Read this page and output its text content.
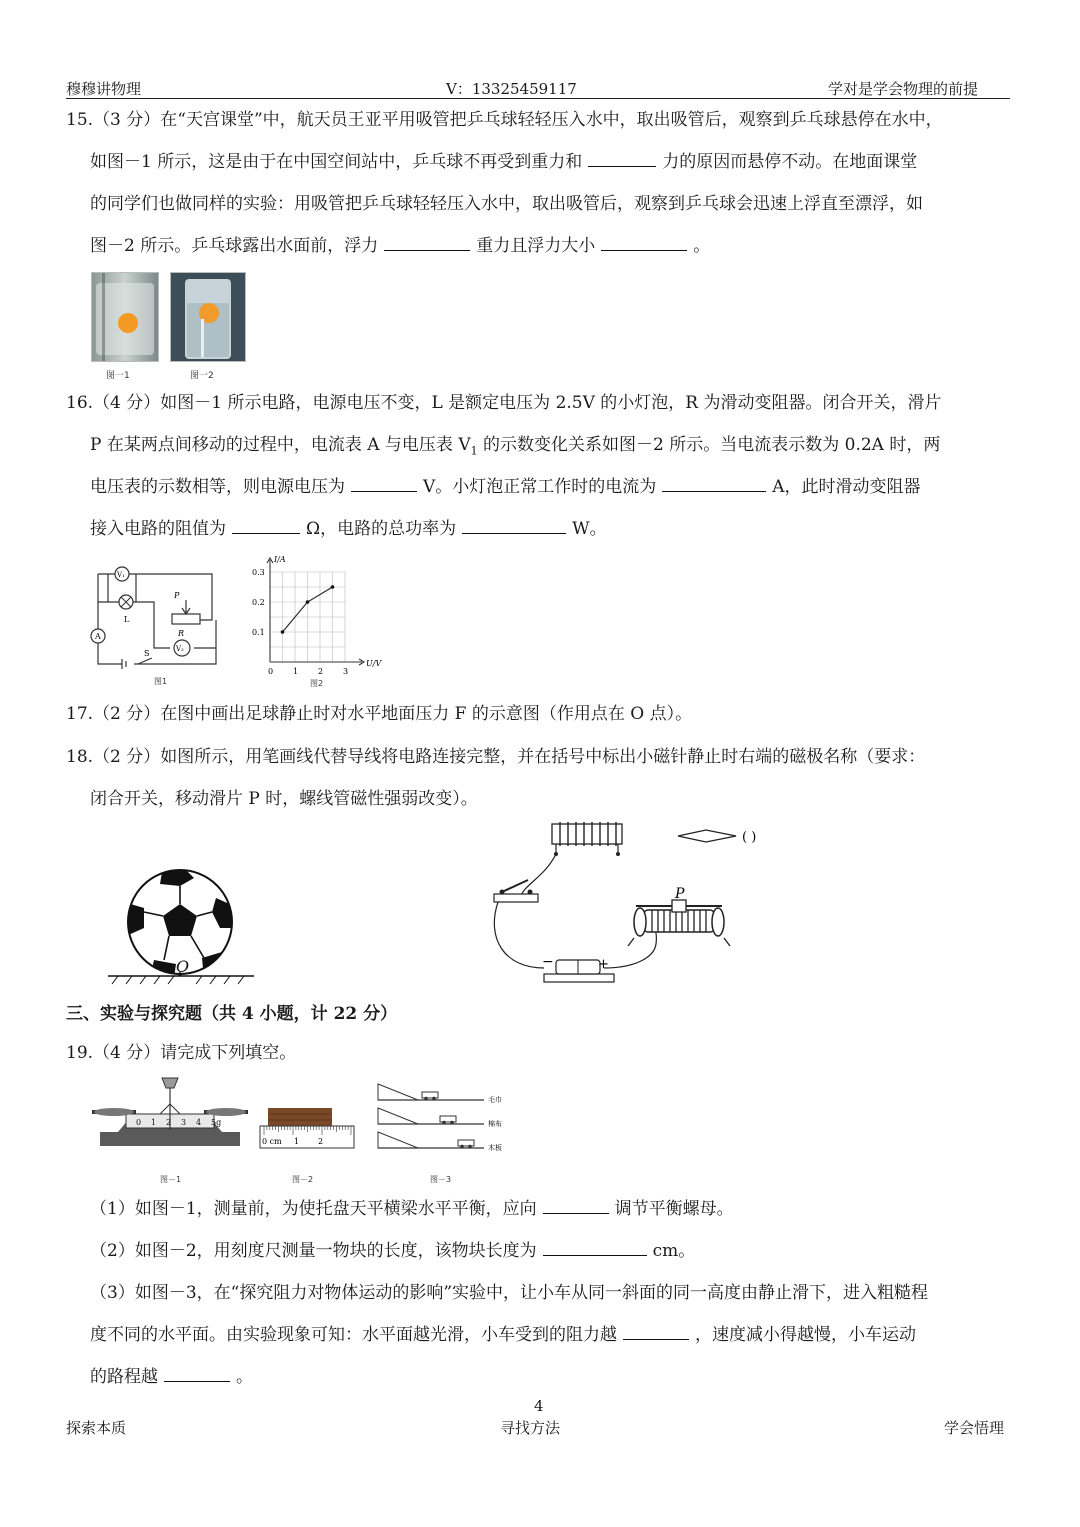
穆穆讲物理	V：13325459117	学对是学会物理的前提
15.（3 分）在“天宫课堂”中，航天员王亚平用吸管把乒乓球轻轻压入水中，取出吸管后，观察到乒乓球悬停在水中，
如图－1 所示，这是由于在中国空间站中，乒乓球不再受到重力和	力的原因而悬停不动。在地面课堂
的同学们也做同样的实验：用吸管把乒乓球轻轻压入水中，取出吸管后，观察到乒乓球会迅速上浮直至漂浮，如
图－2 所示。乒乓球露出水面前，浮力	重力且浮力大小	。
图一1	图一2
16.（4 分）如图－1 所示电路，电源电压不变，L 是额定电压为 2.5V 的小灯泡，R 为滑动变阻器。闭合开关，滑片
P 在某两点间移动的过程中，电流表 A 与电压表 $V_1$ 的示数变化关系如图－2 所示。当电流表示数为 0.2A 时，两
电压表的示数相等，则电源电压为	V。小灯泡正常工作时的电流为	A，此时滑动变阻器
接入电路的阻值为	Ω，电路的总功率为	W。
V₁
L
A
V₂
P
R
S
图1
0.3
0.2
0.1
0 1 2 3
I/A
U/V
图2
17.（2 分）在图中画出足球静止时对水平地面压力 F 的示意图（作用点在 O 点）。
18.（2 分）如图所示，用笔画线代替导线将电路连接完整，并在括号中标出小磁针静止时右端的磁极名称（要求：
闭合开关，移动滑片 P 时，螺线管磁性强弱改变）。
O
( )
−	+
P
三、实验与探究题（共 4 小题，计 22 分）
19.（4 分）请完成下列填空。
0 1 2 3 4 5g
图－1
0 cm 1 2
图－2
毛巾
棉布
木板
图－3
（1）如图－1，测量前，为使托盘天平横梁水平平衡，应向	调节平衡螺母。
（2）如图－2，用刻度尺测量一物块的长度，该物块长度为	cm。
（3）如图－3，在“探究阻力对物体运动的影响”实验中，让小车从同一斜面的同一高度由静止滑下，进入粗糙程
度不同的水平面。由实验现象可知：水平面越光滑，小车受到的阻力越	，速度减小得越慢，小车运动
的路程越	。
4
探索本质	寻找方法	学会悟理
